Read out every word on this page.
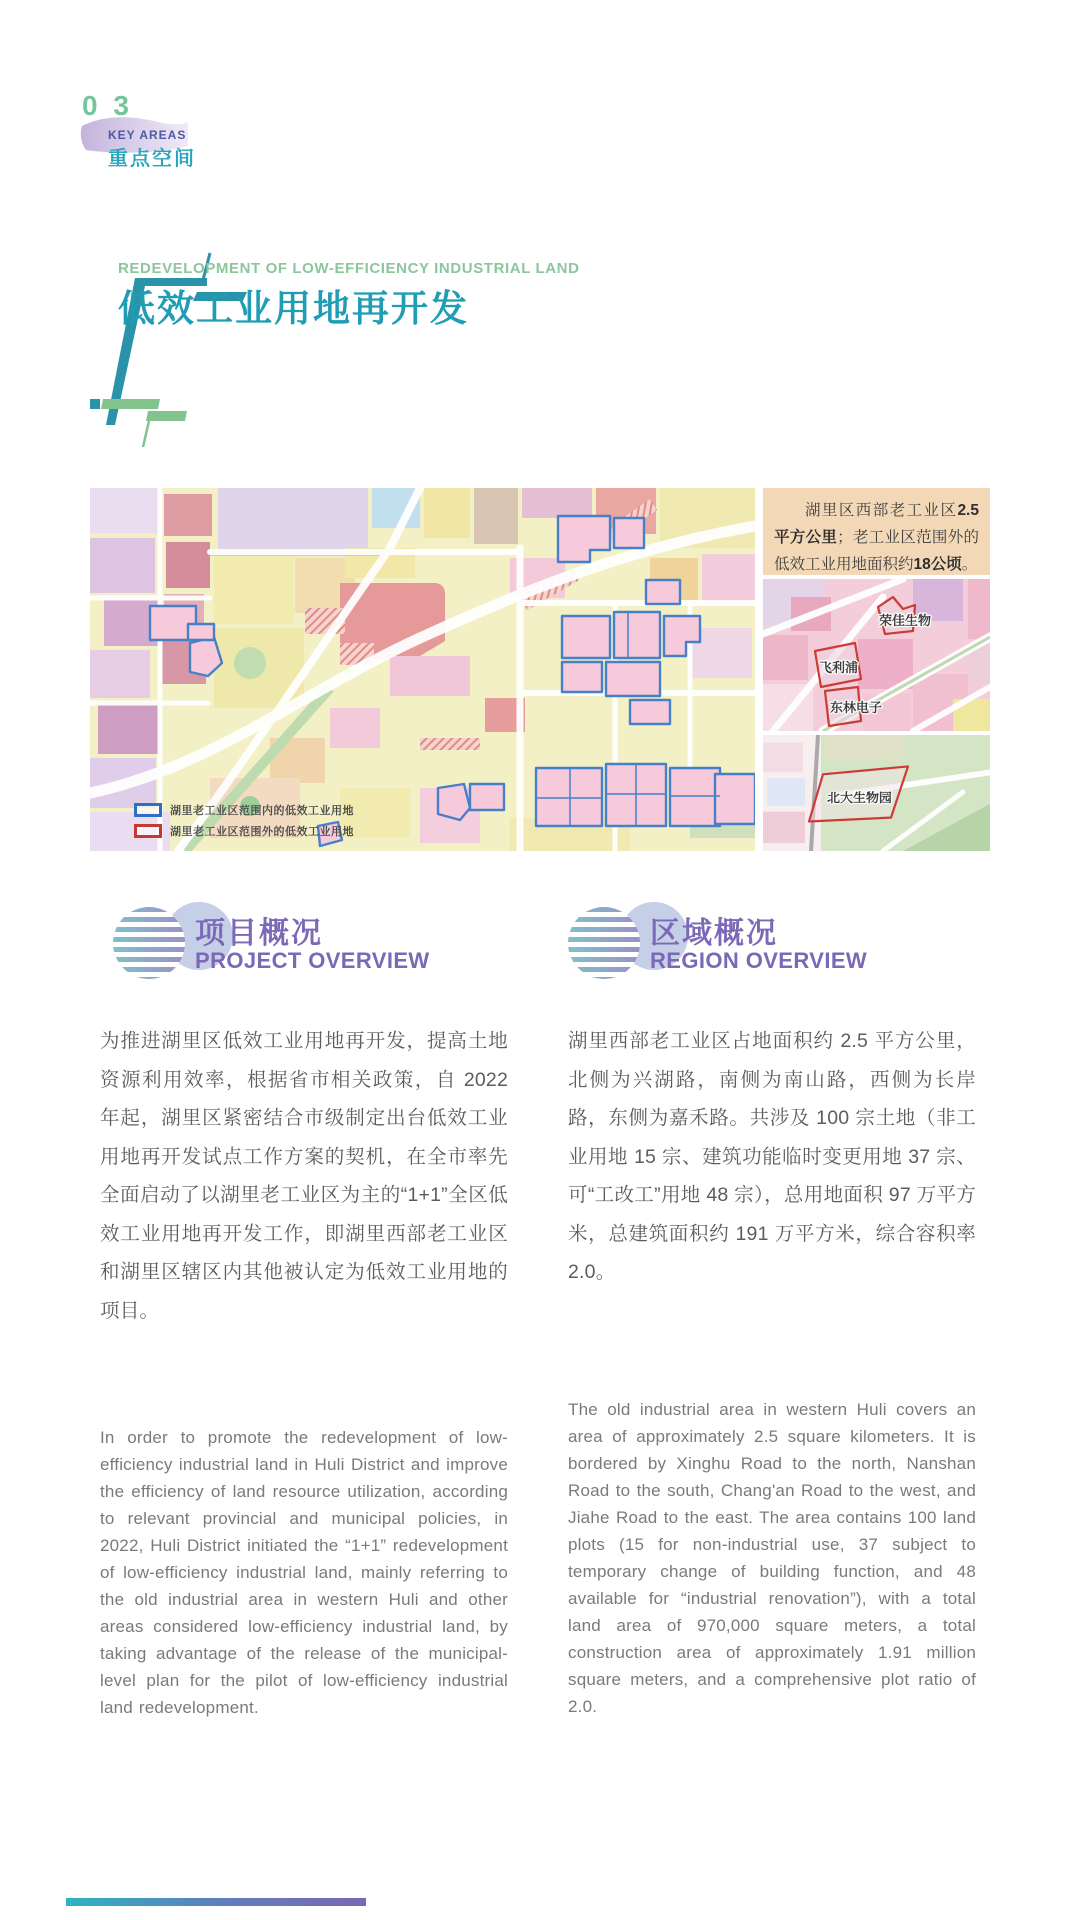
0 3
KEY AREAS
重点空间
REDEVELOPMENT OF LOW-EFFICIENCY INDUSTRIAL LAND
低效工业用地再开发
湖里老工业区范围内的低效工业用地
湖里老工业区范围外的低效工业用地
湖里区西部老工业区2.5平方公里；老工业区范围外的低效工业用地面积约18公顷。
荣佳生物
飞利浦
东林电子
北大生物园
项目概况
PROJECT OVERVIEW
区域概况
REGION OVERVIEW
为推进湖里区低效工业用地再开发，提高土地资源利用效率，根据省市相关政策，自 2022 年起，湖里区紧密结合市级制定出台低效工业用地再开发试点工作方案的契机，在全市率先全面启动了以湖里老工业区为主的“1+1”全区低效工业用地再开发工作，即湖里西部老工业区和湖里区辖区内其他被认定为低效工业用地的项目。
湖里西部老工业区占地面积约 2.5 平方公里，北侧为兴湖路，南侧为南山路，西侧为长岸路，东侧为嘉禾路。共涉及 100 宗土地（非工业用地 15 宗、建筑功能临时变更用地 37 宗、可“工改工”用地 48 宗），总用地面积 97 万平方米，总建筑面积约 191 万平方米，综合容积率 2.0。
In order to promote the redevelopment of low-efficiency industrial land in Huli District and improve the efficiency of land resource utilization, according to relevant provincial and municipal policies, in 2022, Huli District initiated the “1+1” redevelopment of low-efficiency industrial land, mainly referring to the old industrial area in western Huli and other areas considered low-efficiency industrial land, by taking advantage of the release of the municipal-level plan for the pilot of low-efficiency industrial land redevelopment.
The old industrial area in western Huli covers an area of approximately 2.5 square kilometers. It is bordered by Xinghu Road to the north, Nanshan Road to the south, Chang'an Road to the west, and Jiahe Road to the east. The area contains 100 land plots (15 for non-industrial use, 37 subject to temporary change of building function, and 48 available for “industrial renovation”), with a total land area of 970,000 square meters, a total construction area of approximately 1.91 million square meters, and a comprehensive plot ratio of 2.0.
